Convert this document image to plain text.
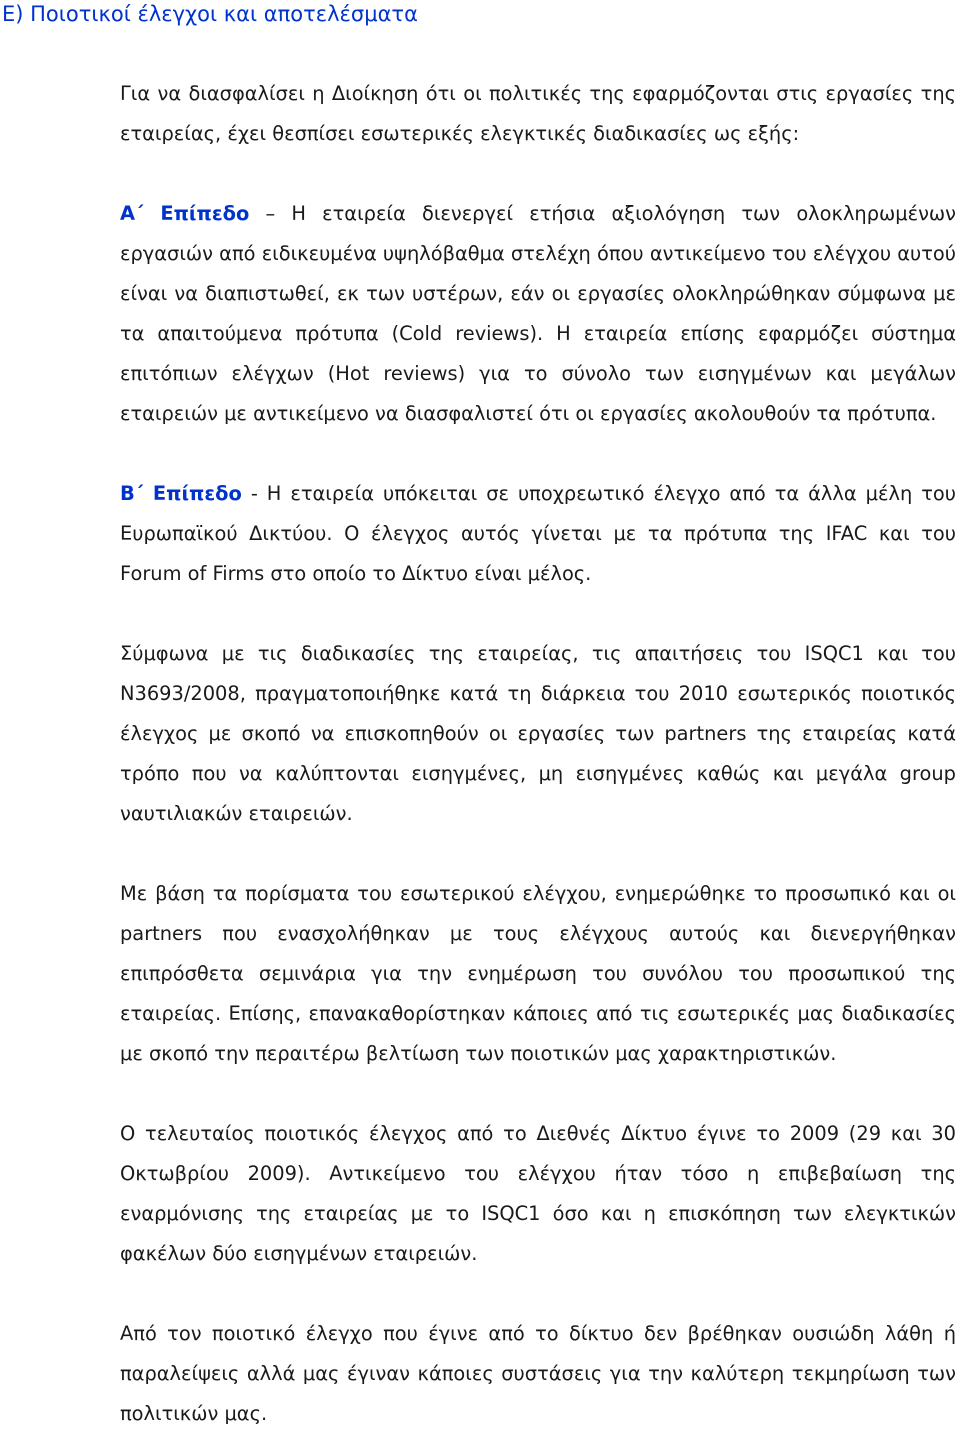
Ε) Ποιοτικοί έλεγχοι και αποτελέσματα

Για να διασφαλίσει η Διοίκηση ότι οι πολιτικές της εφαρμόζονται στις εργασίες της εταιρείας, έχει θεσπίσει εσωτερικές ελεγκτικές διαδικασίες ως εξής:

Α΄ Επίπεδο – Η εταιρεία διενεργεί ετήσια αξιολόγηση των ολοκληρωμένων εργασιών από ειδικευμένα υψηλόβαθμα στελέχη όπου αντικείμενο του ελέγχου αυτού είναι να διαπιστωθεί, εκ των υστέρων, εάν οι εργασίες ολοκληρώθηκαν σύμφωνα με τα απαιτούμενα πρότυπα (Cold reviews). Η εταιρεία επίσης εφαρμόζει σύστημα επιτόπιων ελέγχων (Hot reviews) για το σύνολο των εισηγμένων και μεγάλων εταιρειών με αντικείμενο να διασφαλιστεί ότι οι εργασίες ακολουθούν τα πρότυπα.

Β΄ Επίπεδο - Η εταιρεία υπόκειται σε υποχρεωτικό έλεγχο από τα άλλα μέλη του Ευρωπαϊκού Δικτύου. Ο έλεγχος αυτός γίνεται με τα πρότυπα της IFAC και του Forum of Firms στο οποίο το Δίκτυο είναι μέλος.

Σύμφωνα με τις διαδικασίες της εταιρείας, τις απαιτήσεις του ISQC1 και του Ν3693/2008, πραγματοποιήθηκε κατά τη διάρκεια του 2010 εσωτερικός ποιοτικός έλεγχος με σκοπό να επισκοπηθούν οι εργασίες των partners της εταιρείας κατά τρόπο που να καλύπτονται εισηγμένες, μη εισηγμένες καθώς και μεγάλα group ναυτιλιακών εταιρειών.

Με βάση τα πορίσματα του εσωτερικού ελέγχου, ενημερώθηκε το προσωπικό και οι partners που ενασχολήθηκαν με τους ελέγχους αυτούς και διενεργήθηκαν επιπρόσθετα σεμινάρια για την ενημέρωση του συνόλου του προσωπικού της εταιρείας. Επίσης, επανακαθορίστηκαν κάποιες από τις εσωτερικές μας διαδικασίες με σκοπό την περαιτέρω βελτίωση των ποιοτικών μας χαρακτηριστικών.

Ο τελευταίος ποιοτικός έλεγχος από το Διεθνές Δίκτυο έγινε το 2009 (29 και 30 Οκτωβρίου 2009). Αντικείμενο του ελέγχου ήταν τόσο η επιβεβαίωση της εναρμόνισης της εταιρείας με το ISQC1 όσο και η επισκόπηση των ελεγκτικών φακέλων δύο εισηγμένων εταιρειών.

Από τον ποιοτικό έλεγχο που έγινε από το δίκτυο δεν βρέθηκαν ουσιώδη λάθη ή παραλείψεις αλλά μας έγιναν κάποιες συστάσεις για την καλύτερη τεκμηρίωση των πολιτικών μας.
